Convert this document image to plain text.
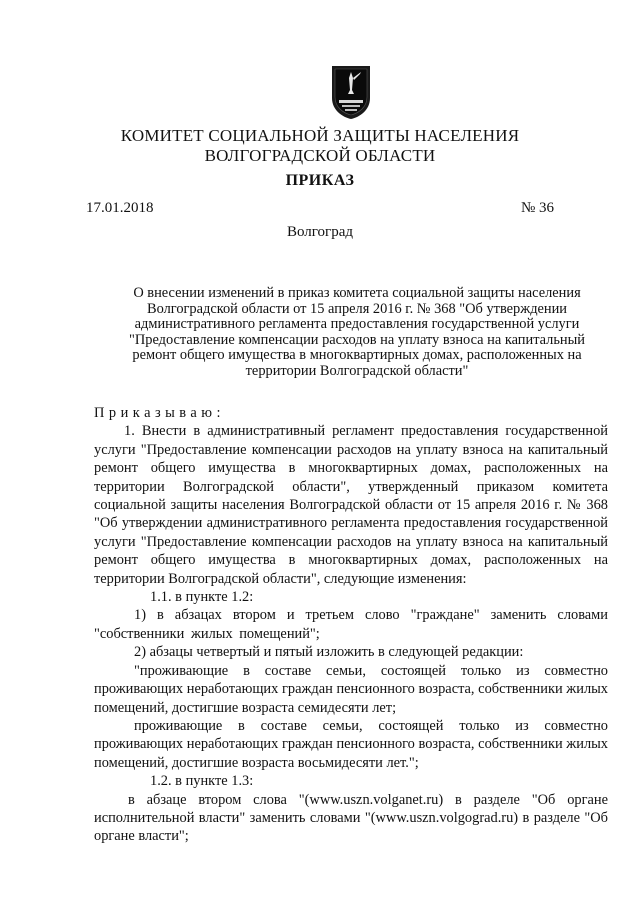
КОМИТЕТ СОЦИАЛЬНОЙ ЗАЩИТЫ НАСЕЛЕНИЯ
ВОЛГОГРАДСКОЙ ОБЛАСТИ
ПРИКАЗ
17.01.2018	№ 36
Волгоград
О внесении изменений в приказ комитета социальной защиты населения
Волгоградской области от 15 апреля 2016 г. № 368 "Об утверждении
административного регламента предоставления государственной услуги
"Предоставление компенсации расходов на уплату взноса на капитальный
ремонт общего имущества в многоквартирных домах, расположенных на
территории Волгоградской области"

Приказываю:

1. Внести в административный регламент предоставления государственной услуги "Предоставление компенсации расходов на уплату взноса на капитальный ремонт общего имущества в многоквартирных домах, расположенных на территории Волгоградской области", утвержденный приказом комитета социальной защиты населения Волгоградской области от 15 апреля 2016 г. № 368 "Об утверждении административного регламента предоставления государственной услуги "Предоставление компенсации расходов на уплату взноса на капитальный ремонт общего имущества в многоквартирных домах, расположенных на территории Волгоградской области", следующие изменения:

1.1. в пункте 1.2:

1) в абзацах втором и третьем слово "граждане" заменить словами "собственники жилых помещений";

2) абзацы четвертый и пятый изложить в следующей редакции:

"проживающие в составе семьи, состоящей только из совместно проживающих неработающих граждан пенсионного возраста, собственники жилых помещений, достигшие возраста семидесяти лет;

проживающие в составе семьи, состоящей только из совместно проживающих неработающих граждан пенсионного возраста, собственники жилых помещений, достигшие возраста восьмидесяти лет.";

1.2. в пункте 1.3:

в абзаце втором слова "(www.uszn.volganet.ru) в разделе "Об органе исполнительной власти" заменить словами "(www.uszn.volgograd.ru) в разделе "Об органе власти";
